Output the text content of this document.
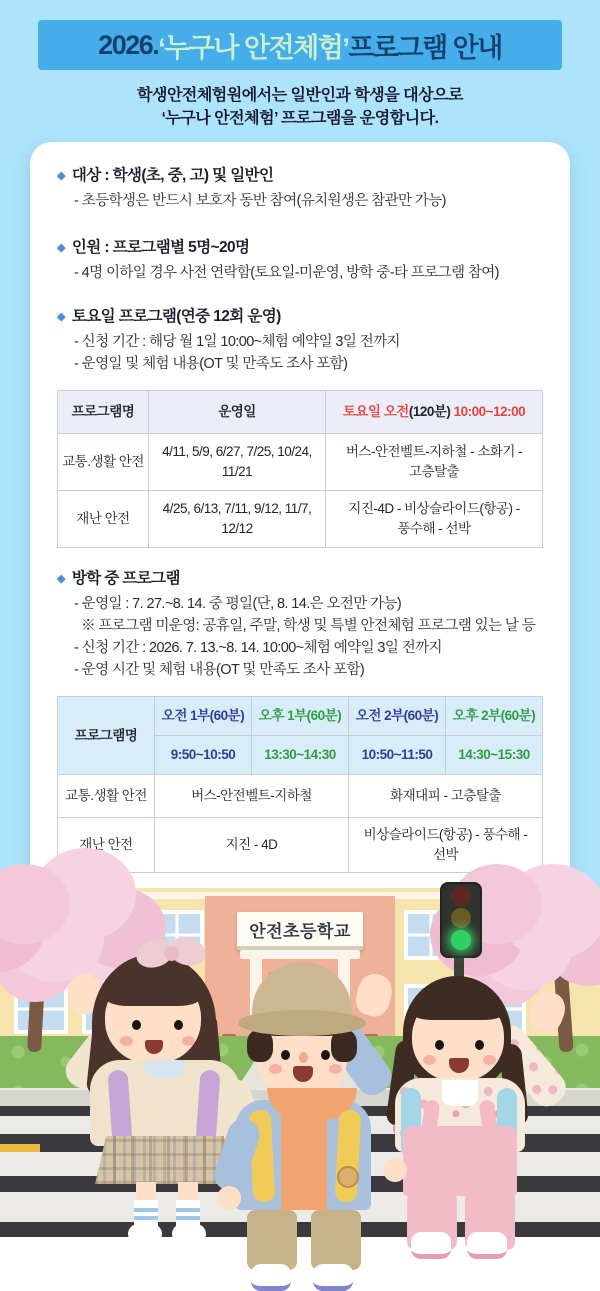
2026. ‘누구나 안전체험’ 프로그램 안내
학생안전체험원에서는 일반인과 학생을 대상으로
‘누구나 안전체험’ 프로그램을 운영합니다.
◆ 대상 : 학생(초, 중, 고) 및 일반인
- 초등학생은 반드시 보호자 동반 참여(유치원생은 참관만 가능)
◆ 인원 : 프로그램별 5명~20명
- 4명 이하일 경우 사전 연락함(토요일-미운영, 방학 중-타 프로그램 참여)
◆ 토요일 프로그램(연중 12회 운영)
- 신청 기간 : 해당 월 1일 10:00~체험 예약일 3일 전까지
- 운영일 및 체험 내용(OT 및 만족도 조사 포함)
프로그램명	운영일	토요일 오전(120분) 10:00~12:00
교통.생활 안전	4/11, 5/9, 6/27, 7/25, 10/24, 11/21	버스-안전벨트-지하철 - 소화기 - 고층탈출
재난 안전	4/25, 6/13, 7/11, 9/12, 11/7, 12/12	지진-4D - 비상슬라이드(항공) - 풍수해 - 선박
◆ 방학 중 프로그램
- 운영일 : 7. 27.~8. 14. 중 평일(단, 8. 14.은 오전만 가능)
※ 프로그램 미운영: 공휴일, 주말, 학생 및 특별 안전체험 프로그램 있는 날 등
- 신청 기간 : 2026. 7. 13.~8. 14. 10:00~체험 예약일 3일 전까지
- 운영 시간 및 체험 내용(OT 및 만족도 조사 포함)
프로그램명	오전 1부(60분)	오후 1부(60분)	오전 2부(60분)	오후 2부(60분)
	9:50~10:50	13:30~14:30	10:50~11:50	14:30~15:30
교통.생활 안전	버스-안전벨트-지하철		화재대피 - 고층탈출	
재난 안전	지진 - 4D		비상슬라이드(항공) - 풍수해 - 선박	
안전초등학교
